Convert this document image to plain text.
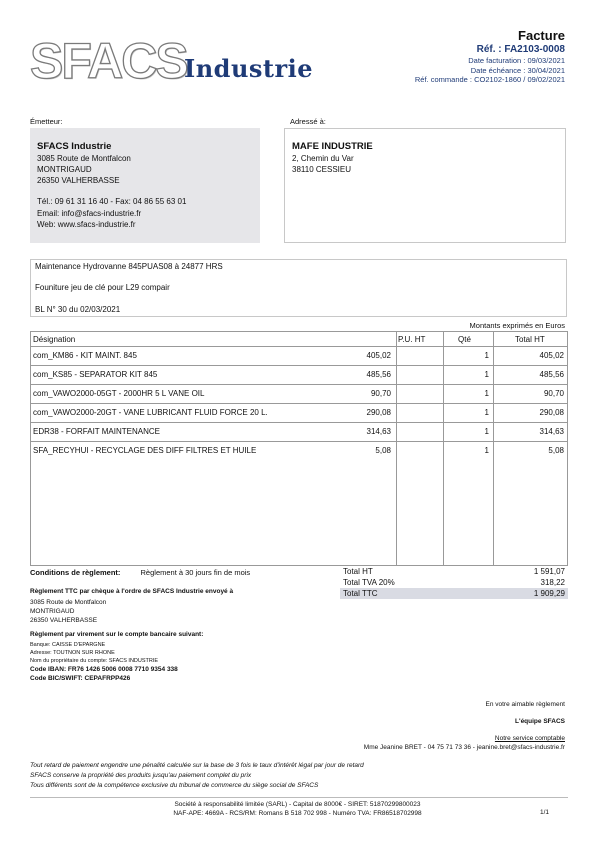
SFACS
Industrie
Facture
Réf. : FA2103-0008
Date facturation : 09/03/2021
Date échéance : 30/04/2021
Réf. commande : CO2102-1860 / 09/02/2021
Émetteur:
SFACS Industrie
3085 Route de Montfalcon
MONTRIGAUD
26350 VALHERBASSE
Tél.: 09 61 31 16 40 - Fax: 04 86 55 63 01
Email: info@sfacs-industrie.fr
Web: www.sfacs-industrie.fr
Adressé à:
MAFE INDUSTRIE
2, Chemin du Var
38110 CESSIEU
Maintenance Hydrovanne 845PUAS08 à 24877 HRS
Founiture jeu de clé pour L29 compair
BL N° 30 du 02/03/2021
Montants exprimés en Euros
Désignation	P.U. HT	Qté	Total HT
com_KM86 - KIT MAINT. 845	405,02	1	405,02
com_KS85 - SEPARATOR KIT 845	485,56	1	485,56
com_VAWO2000-05GT - 2000HR 5 L VANE OIL	90,70	1	90,70
com_VAWO2000-20GT - VANE LUBRICANT FLUID FORCE 20 L.	290,08	1	290,08
EDR38 - FORFAIT MAINTENANCE	314,63	1	314,63
SFA_RECYHUI - RECYCLAGE DES DIFF FILTRES ET HUILE	5,08	1	5,08
Conditions de règlement:	Règlement à 30 jours fin de mois	Total HT	1 591,07
Total TVA 20%	318,22
Total TTC	1 909,29
Règlement TTC par chèque à l'ordre de SFACS Industrie envoyé à
3085 Route de Montfalcon
MONTRIGAUD
26350 VALHERBASSE
Règlement par virement sur le compte bancaire suivant:
Banque: CAISSE D'EPARGNE
Adresse: TOUTNON SUR RHONE
Nom du propriétaire du compte: SFACS INDUSTRIE
Code IBAN: FR76 1426 5006 0008 7710 9354 338
Code BIC/SWIFT: CEPAFRPP426
En votre aimable règlement
L'équipe SFACS
Notre service comptable
Mme Jeanine BRET - 04 75 71 73 36 - jeanine.bret@sfacs-industrie.fr
Tout retard de paiement engendre une pénalité calculée sur la base de 3 fois le taux d'intérêt légal par jour de retard
SFACS conserve la propriété des produits jusqu'au paiement complet du prix
Tous différents sont de la compétence exclusive du tribunal de commerce du siège social de SFACS
Société à responsabilité limitée (SARL) - Capital de 8000€ - SIRET: 51870299800023
NAF-APE: 4669A - RCS/RM: Romans B 518 702 998 - Numéro TVA: FR86518702998	1/1
